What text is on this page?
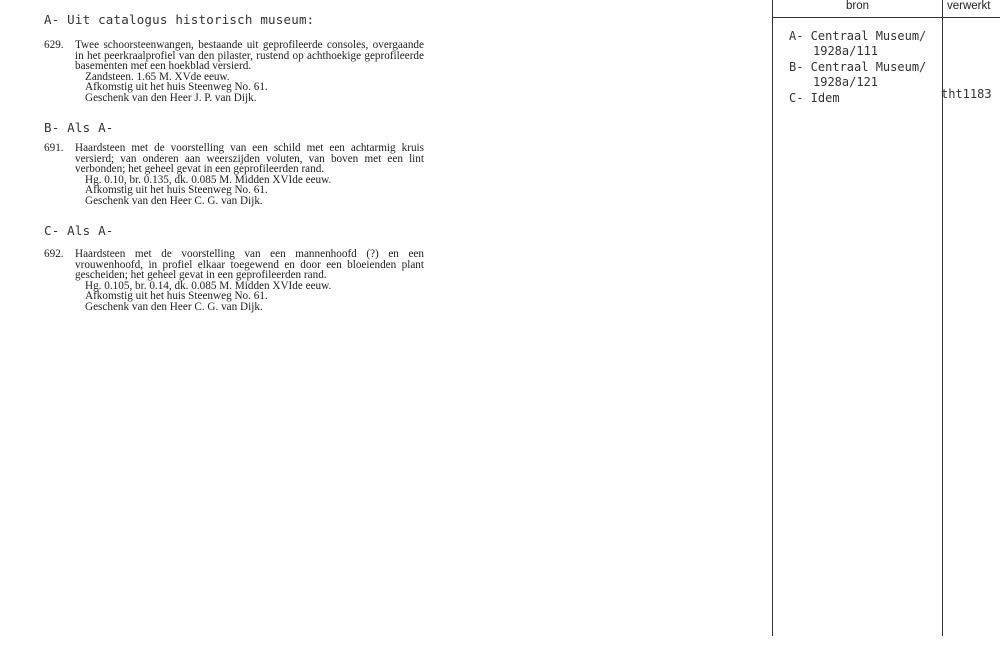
A- Uit catalogus historisch museum:
629.	Twee schoorsteenwangen, bestaande uit geprofileerde consoles, overgaande in het peerkraalprofiel van den pilaster, rustend op achthoekige geprofileerde basementen met een hoekblad versierd.
Zandsteen. 1.65 M. XVde eeuw.
Afkomstig uit het huis Steenweg No. 61.
Geschenk van den Heer J. P. van Dijk.
B- Als A-
691.	Haardsteen met de voorstelling van een schild met een achtarmig kruis versierd; van onderen aan weerszijden voluten, van boven met een lint verbonden; het geheel gevat in een geprofileerden rand.
Hg. 0.10, br. 0.135, dk. 0.085 M. Midden XVIde eeuw.
Afkomstig uit het huis Steenweg No. 61.
Geschenk van den Heer C. G. van Dijk.
C- Als A-
692.	Haardsteen met de voorstelling van een mannenhoofd (?) en een vrouwenhoofd, in profiel elkaar toegewend en door een bloeienden plant gescheiden; het geheel gevat in een geprofileerden rand.
Hg. 0.105, br. 0.14, dk. 0.085 M. Midden XVIde eeuw.
Afkomstig uit het huis Steenweg No. 61.
Geschenk van den Heer C. G. van Dijk.
bron	verwerkt
A- Centraal Museum/
1928a/111
B- Centraal Museum/
1928a/121
C- Idem	tht1183
